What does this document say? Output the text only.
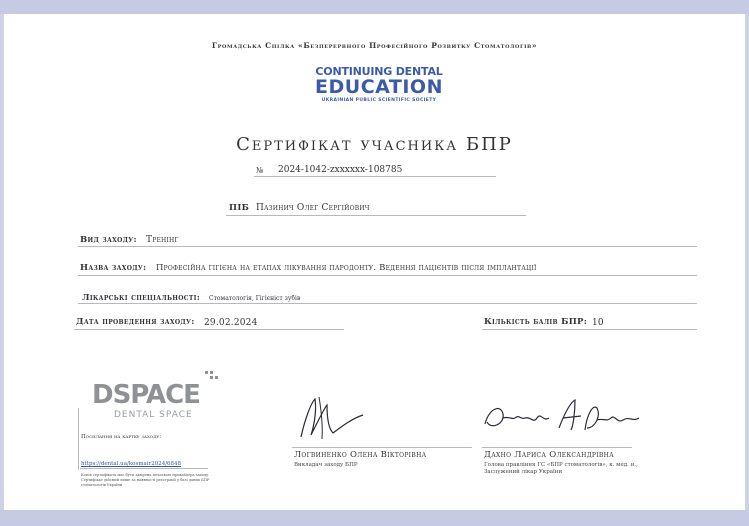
Громадська Спілка «Безперервного Професійного Розвитку Стоматологів»
CONTINUING DENTAL
EDUCATION
UKRAINIAN PUBLIC SCIENTIFIC SOCIETY
Сертифікат учасника БПР
№ 2024-1042-zxxxxxx-108785
ПІБ Пазинич Олег Сергійович
Вид заходу: Тренінг
Назва заходу: Професійна гігієна на етапах лікування пародонту. Ведення пацієнтів після імплантації
Лікарські спеціальності: Стоматологія, Гігієніст зубів
Дата проведення заходу: 29.02.2024	Кількість балів БПР: 10
DSPACE
DENTAL SPACE
Посилання на картку заходу:
https://dental.ua/kosmair2024/6848
Копія сертифіката має бути завірена печаткою провайдера заходу. Сертифікат дійсний лише за наявності реєстрації у базі даних БПР стоматологів України
Логвиненко Олена Вікторівна
Викладач заходу БПР
Дахно Лариса Олександрівна
Голова правління ГС «БПР стоматологів», к. мед. н., Заслужений лікар України
